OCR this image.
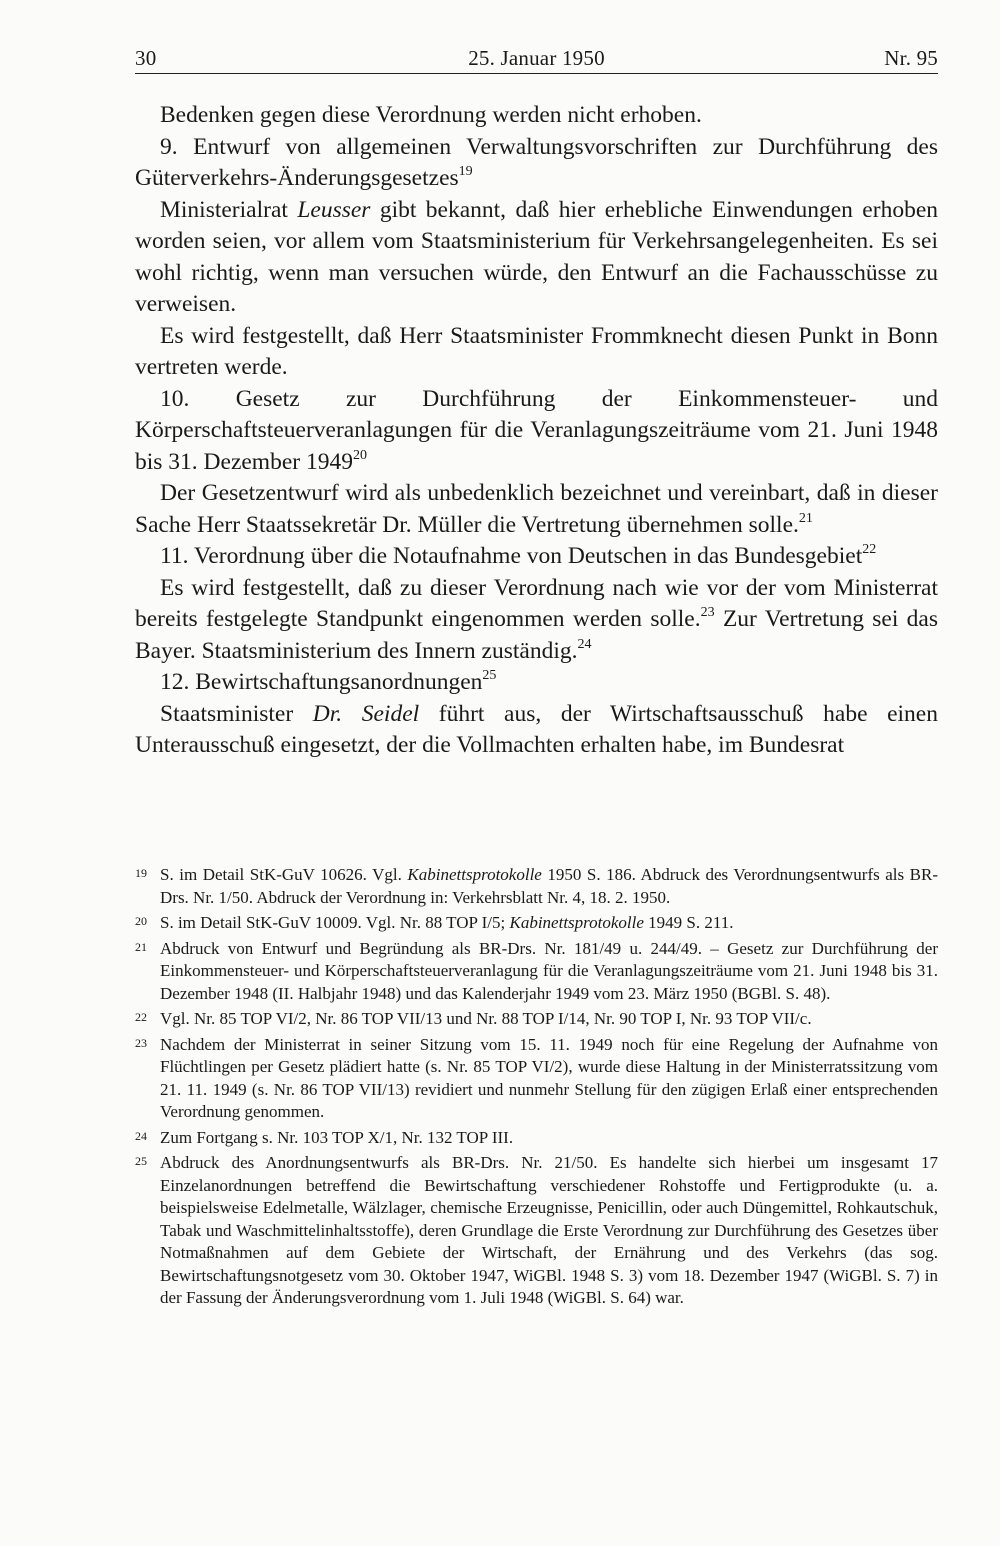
30	25. Januar 1950	Nr. 95

Bedenken gegen diese Verordnung werden nicht erhoben.

9. Entwurf von allgemeinen Verwaltungsvorschriften zur Durchführung des Güterverkehrs-Änderungsgesetzes$^{19}$

Ministerialrat Leusser gibt bekannt, daß hier erhebliche Einwendungen erhoben worden seien, vor allem vom Staatsministerium für Verkehrsangelegenheiten. Es sei wohl richtig, wenn man versuchen würde, den Entwurf an die Fachausschüsse zu verweisen.

Es wird festgestellt, daß Herr Staatsminister Frommknecht diesen Punkt in Bonn vertreten werde.

10. Gesetz zur Durchführung der Einkommensteuer- und Körperschaftsteuerveranlagungen für die Veranlagungszeiträume vom 21. Juni 1948 bis 31. Dezember 1949$^{20}$

Der Gesetzentwurf wird als unbedenklich bezeichnet und vereinbart, daß in dieser Sache Herr Staatssekretär Dr. Müller die Vertretung übernehmen solle.$^{21}$

11. Verordnung über die Notaufnahme von Deutschen in das Bundesgebiet$^{22}$

Es wird festgestellt, daß zu dieser Verordnung nach wie vor der vom Ministerrat bereits festgelegte Standpunkt eingenommen werden solle.$^{23}$ Zur Vertretung sei das Bayer. Staatsministerium des Innern zuständig.$^{24}$

12. Bewirtschaftungsanordnungen$^{25}$

Staatsminister Dr. Seidel führt aus, der Wirtschaftsausschuß habe einen Unterausschuß eingesetzt, der die Vollmachten erhalten habe, im Bundesrat

19 S. im Detail StK-GuV 10626. Vgl. Kabinettsprotokolle 1950 S. 186. Abdruck des Verordnungsentwurfs als BR-Drs. Nr. 1/50. Abdruck der Verordnung in: Verkehrsblatt Nr. 4, 18. 2. 1950.
20 S. im Detail StK-GuV 10009. Vgl. Nr. 88 TOP I/5; Kabinettsprotokolle 1949 S. 211.
21 Abdruck von Entwurf und Begründung als BR-Drs. Nr. 181/49 u. 244/49. – Gesetz zur Durchführung der Einkommensteuer- und Körperschaftsteuerveranlagung für die Veranlagungszeiträume vom 21. Juni 1948 bis 31. Dezember 1948 (II. Halbjahr 1948) und das Kalenderjahr 1949 vom 23. März 1950 (BGBl. S. 48).
22 Vgl. Nr. 85 TOP VI/2, Nr. 86 TOP VII/13 und Nr. 88 TOP I/14, Nr. 90 TOP I, Nr. 93 TOP VII/c.
23 Nachdem der Ministerrat in seiner Sitzung vom 15. 11. 1949 noch für eine Regelung der Aufnahme von Flüchtlingen per Gesetz plädiert hatte (s. Nr. 85 TOP VI/2), wurde diese Haltung in der Ministerratssitzung vom 21. 11. 1949 (s. Nr. 86 TOP VII/13) revidiert und nunmehr Stellung für den zügigen Erlaß einer entsprechenden Verordnung genommen.
24 Zum Fortgang s. Nr. 103 TOP X/1, Nr. 132 TOP III.
25 Abdruck des Anordnungsentwurfs als BR-Drs. Nr. 21/50. Es handelte sich hierbei um insgesamt 17 Einzelanordnungen betreffend die Bewirtschaftung verschiedener Rohstoffe und Fertigprodukte (u. a. beispielsweise Edelmetalle, Wälzlager, chemische Erzeugnisse, Penicillin, oder auch Düngemittel, Rohkautschuk, Tabak und Waschmittelinhaltsstoffe), deren Grundlage die Erste Verordnung zur Durchführung des Gesetzes über Notmaßnahmen auf dem Gebiete der Wirtschaft, der Ernährung und des Verkehrs (das sog. Bewirtschaftungsnotgesetz vom 30. Oktober 1947, WiGBl. 1948 S. 3) vom 18. Dezember 1947 (WiGBl. S. 7) in der Fassung der Änderungsverordnung vom 1. Juli 1948 (WiGBl. S. 64) war.
